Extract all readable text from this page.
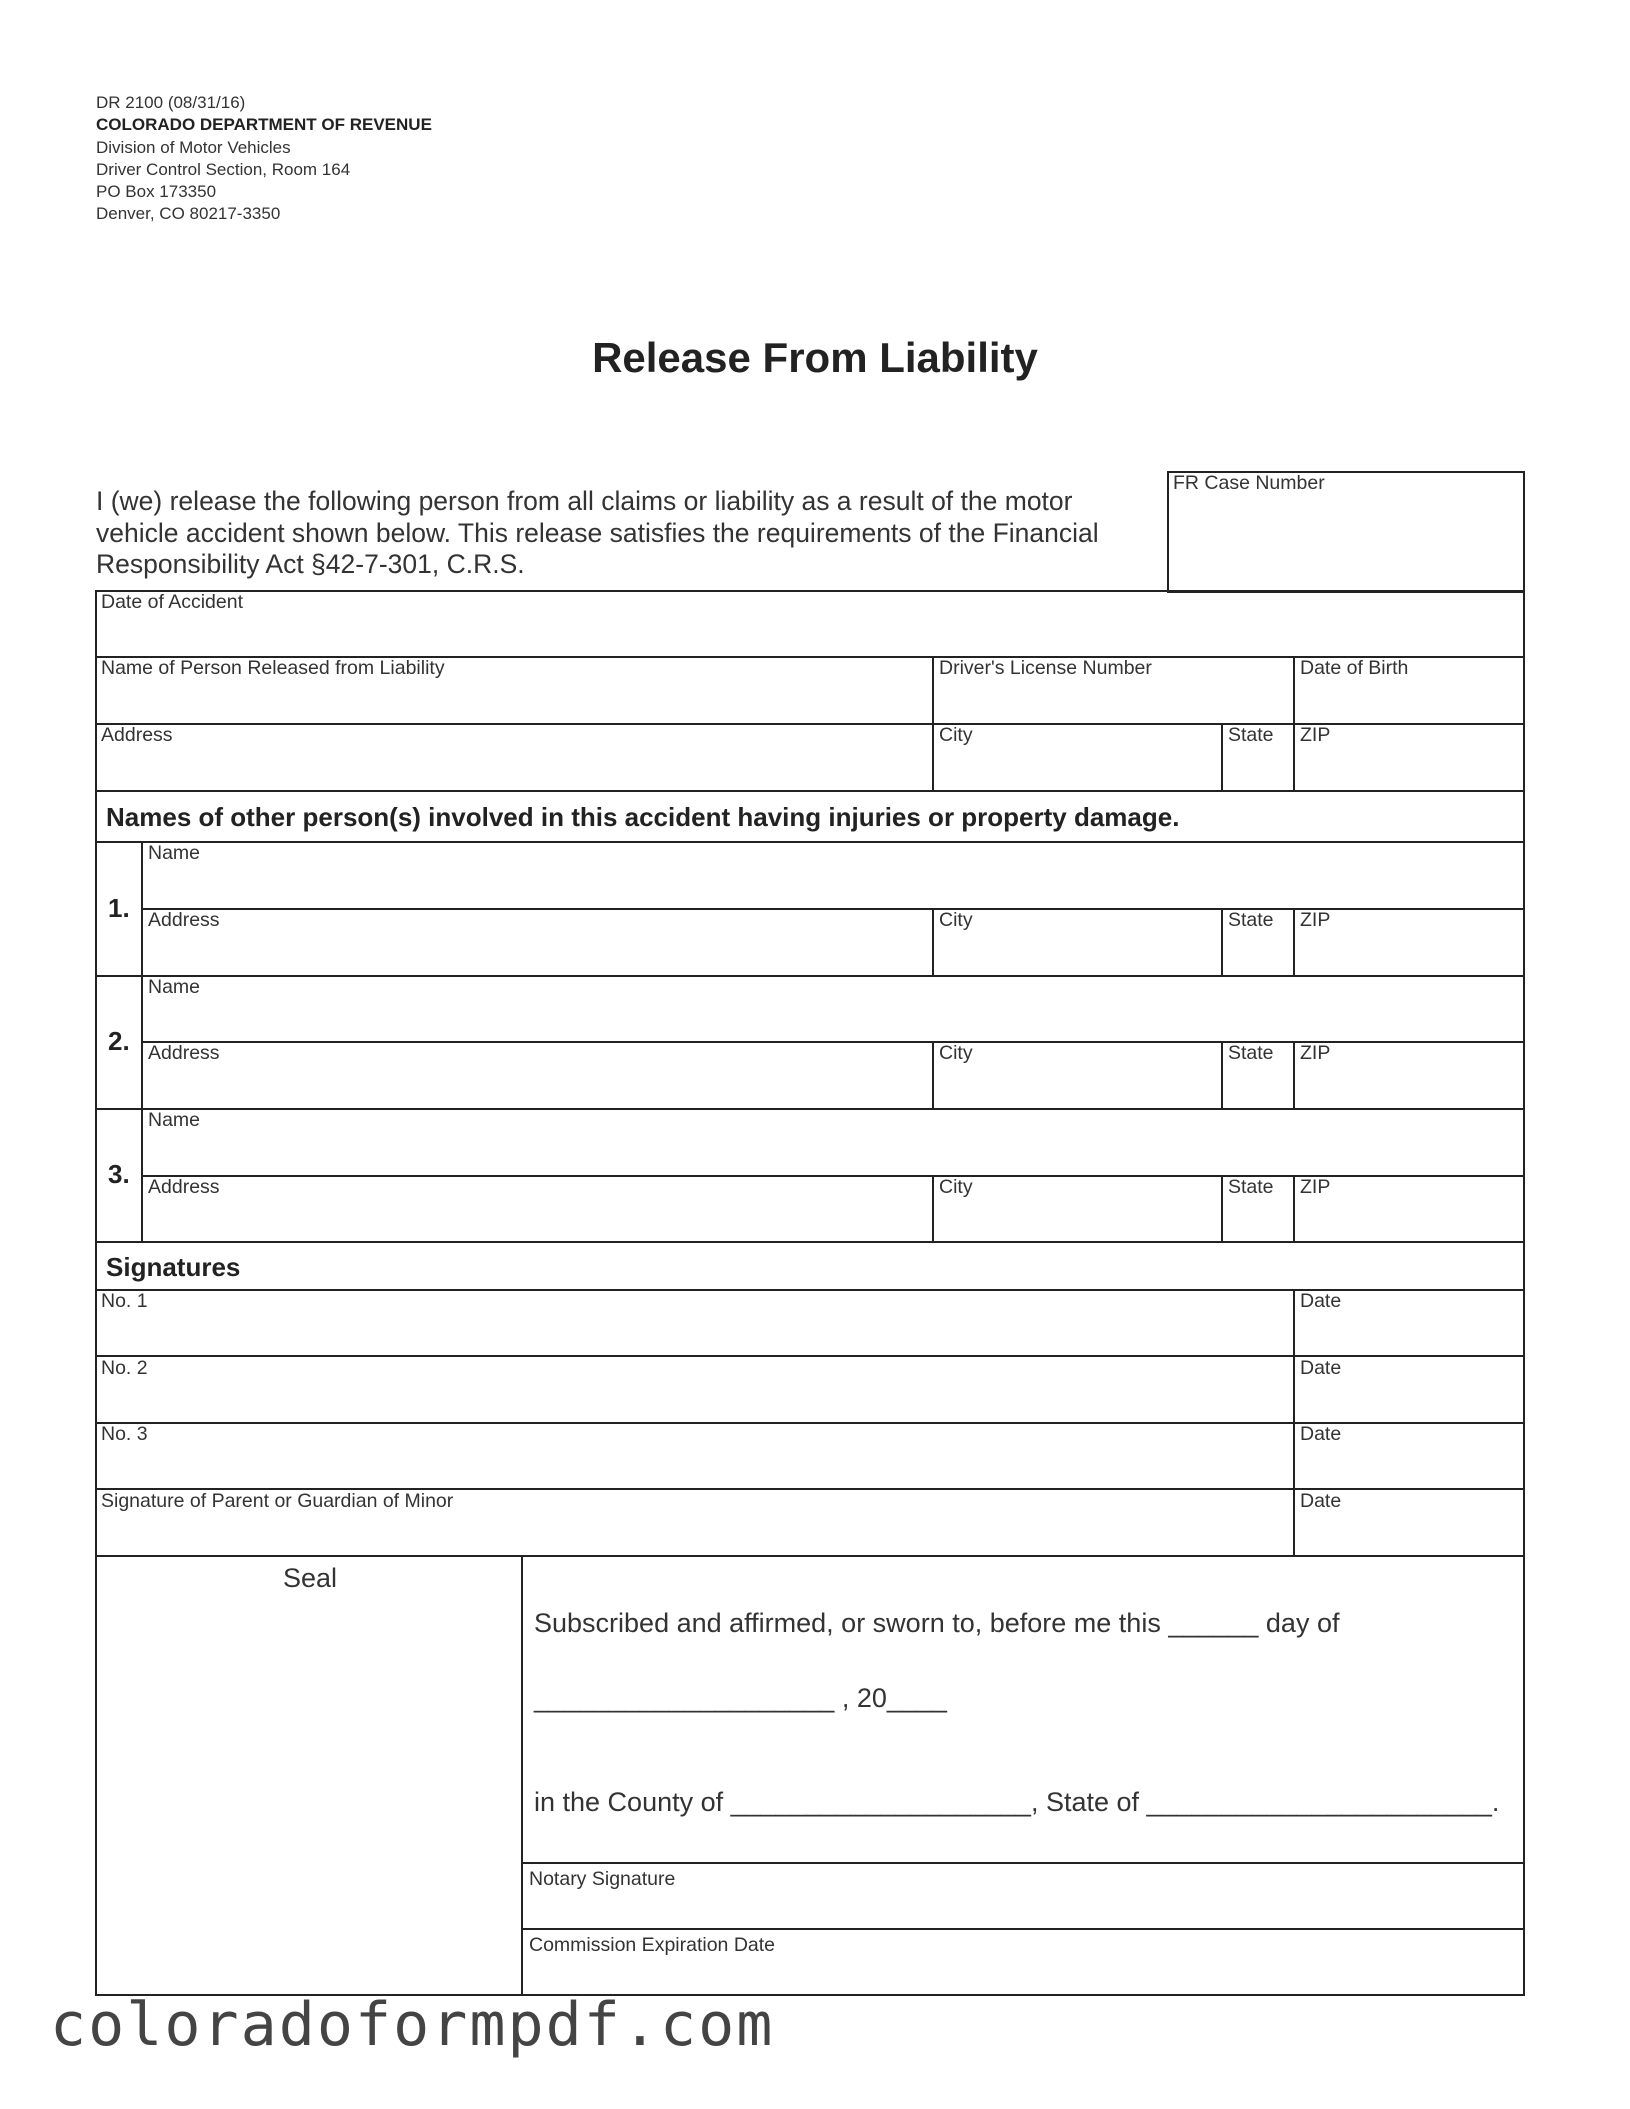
DR 2100 (08/31/16)
COLORADO DEPARTMENT OF REVENUE
Division of Motor Vehicles
Driver Control Section, Room 164
PO Box 173350
Denver, CO 80217-3350
Release From Liability
I (we) release the following person from all claims or liability as a result of the motor
vehicle accident shown below. This release satisfies the requirements of the Financial
Responsibility Act §42-7-301, C.R.S.
FR Case Number
Date of Accident
Name of Person Released from Liability	Driver's License Number	Date of Birth
Address	City	State ZIP
Names of other person(s) involved in this accident having injuries or property damage.
1.
Name
Address	City	State ZIP
2.
Name
Address	City	State ZIP
3.
Name
Address	City	State ZIP
Signatures
No. 1	Date
No. 2	Date
No. 3	Date
Signature of Parent or Guardian of Minor	Date
Seal
Subscribed and affirmed, or sworn to, before me this ______ day of
____________________ , 20____
in the County of ____________________, State of _______________________.
Notary Signature
Commission Expiration Date
coloradoformpdf.com
